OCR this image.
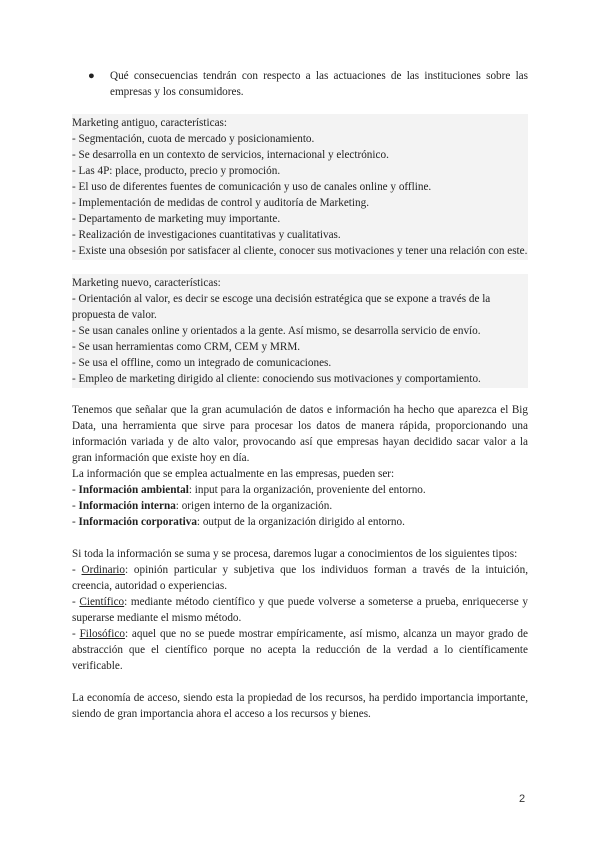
● Qué consecuencias tendrán con respecto a las actuaciones de las instituciones sobre las empresas y los consumidores.

Marketing antiguo, características:

- Segmentación, cuota de mercado y posicionamiento.

- Se desarrolla en un contexto de servicios, internacional y electrónico.

- Las 4P: place, producto, precio y promoción.

- El uso de diferentes fuentes de comunicación y uso de canales online y offline.

- Implementación de medidas de control y auditoría de Marketing.

- Departamento de marketing muy importante.

- Realización de investigaciones cuantitativas y cualitativas.

- Existe una obsesión por satisfacer al cliente, conocer sus motivaciones y tener una relación con este.

Marketing nuevo, características:

- Orientación al valor, es decir se escoge una decisión estratégica que se expone a través de la propuesta de valor.

- Se usan canales online y orientados a la gente. Así mismo, se desarrolla servicio de envío.

- Se usan herramientas como CRM, CEM y MRM.

- Se usa el offline, como un integrado de comunicaciones.

- Empleo de marketing dirigido al cliente: conociendo sus motivaciones y comportamiento.

Tenemos que señalar que la gran acumulación de datos e información ha hecho que aparezca el Big Data, una herramienta que sirve para procesar los datos de manera rápida, proporcionando una información variada y de alto valor, provocando así que empresas hayan decidido sacar valor a la gran información que existe hoy en día.

La información que se emplea actualmente en las empresas, pueden ser:

- Información ambiental: input para la organización, proveniente del entorno.

- Información interna: origen interno de la organización.

- Información corporativa: output de la organización dirigido al entorno.

Si toda la información se suma y se procesa, daremos lugar a conocimientos de los siguientes tipos:

- Ordinario: opinión particular y subjetiva que los individuos forman a través de la intuición, creencia, autoridad o experiencias.

- Científico: mediante método científico y que puede volverse a someterse a prueba, enriquecerse y superarse mediante el mismo método.

- Filosófico: aquel que no se puede mostrar empíricamente, así mismo, alcanza un mayor grado de abstracción que el científico porque no acepta la reducción de la verdad a lo científicamente verificable.

La economía de acceso, siendo esta la propiedad de los recursos, ha perdido importancia importante, siendo de gran importancia ahora el acceso a los recursos y bienes.

2
